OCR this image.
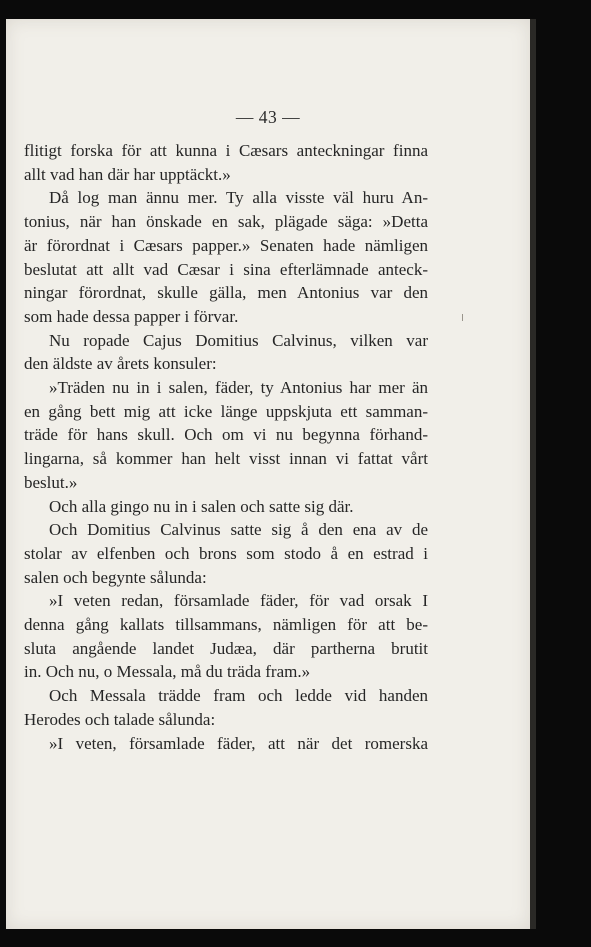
— 43 —
flitigt forska för att kunna i Cæsars anteckningar finna
allt vad han där har upptäckt.»
Då log man ännu mer. Ty alla visste väl huru An-
tonius, när han önskade en sak, plägade säga: »Detta
är förordnat i Cæsars papper.» Senaten hade nämligen
beslutat att allt vad Cæsar i sina efterlämnade anteck-
ningar förordnat, skulle gälla, men Antonius var den
som hade dessa papper i förvar.
Nu ropade Cajus Domitius Calvinus, vilken var
den äldste av årets konsuler:
»Träden nu in i salen, fäder, ty Antonius har mer än
en gång bett mig att icke länge uppskjuta ett samman-
träde för hans skull. Och om vi nu begynna förhand-
lingarna, så kommer han helt visst innan vi fattat vårt
beslut.»
Och alla gingo nu in i salen och satte sig där.
Och Domitius Calvinus satte sig å den ena av de
stolar av elfenben och brons som stodo å en estrad i
salen och begynte sålunda:
»I veten redan, församlade fäder, för vad orsak I
denna gång kallats tillsammans, nämligen för att be-
sluta angående landet Judæa, där partherna brutit
in. Och nu, o Messala, må du träda fram.»
Och Messala trädde fram och ledde vid handen
Herodes och talade sålunda:
»I veten, församlade fäder, att när det romerska
